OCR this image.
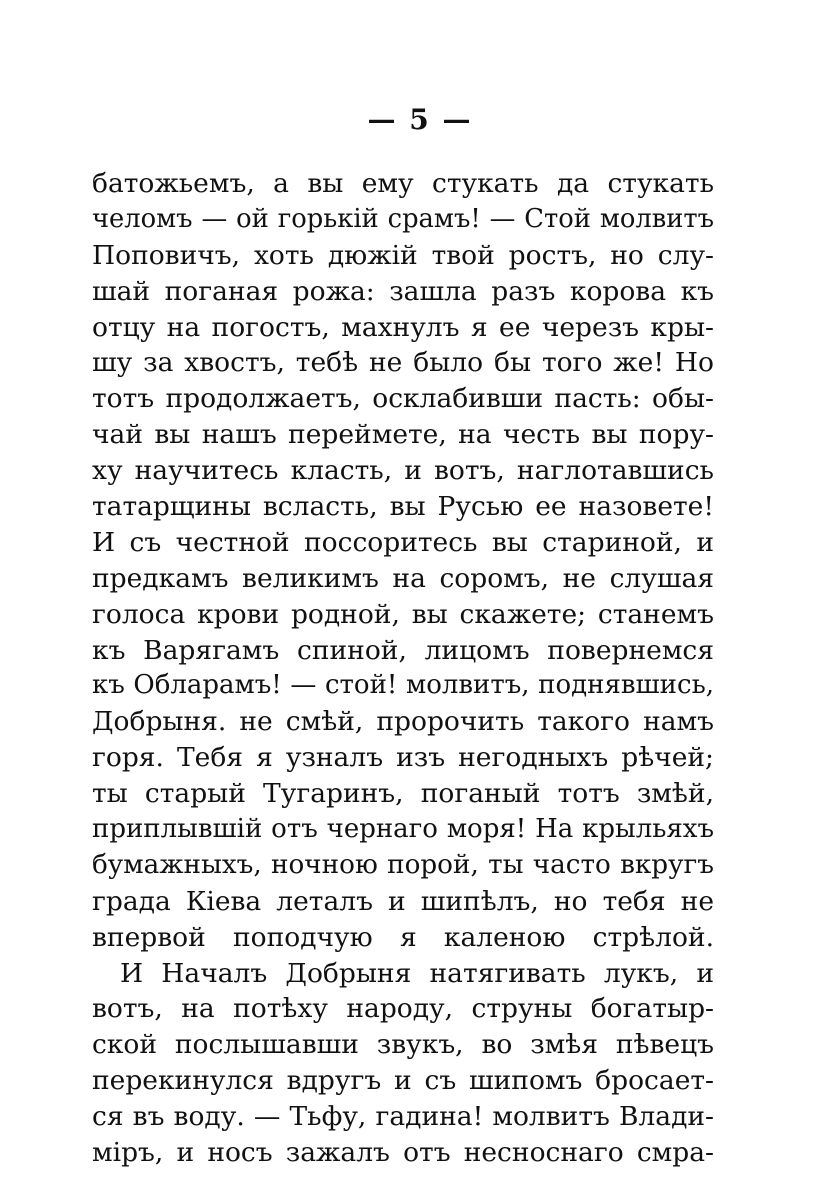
— 5 —
батожьемъ, а вы ему стукать да стукать
челомъ — ой горькій срамъ! — Стой молвитъ
Поповичъ, хоть дюжій твой ростъ, но слу-
шай поганая рожа: зашла разъ корова къ
отцу на погостъ, махнулъ я ее черезъ кры-
шу за хвостъ, тебѣ не было бы того же! Но
тотъ продолжаетъ, осклабивши пасть: обы-
чай вы нашъ переймете, на честь вы пору-
ху научитесь класть, и вотъ, наглотавшись
татарщины всласть, вы Русью ее назовете!
И съ честной поссоритесь вы стариной, и
предкамъ великимъ на соромъ, не слушая
голоса крови родной, вы скажете; станемъ
къ Варягамъ спиной, лицомъ повернемся
къ Обларамъ! — стой! молвитъ, поднявшись,
Добрыня. не смѣй, пророчить такого намъ
горя. Тебя я узналъ изъ негодныхъ рѣчей;
ты старый Тугаринъ, поганый тотъ змѣй,
приплывшій отъ чернаго моря! На крыльяхъ
бумажныхъ, ночною порой, ты часто вкругъ
града Кіева леталъ и шипѣлъ, но тебя не
впервой поподчую я каленою стрѣлой.
И Началъ Добрыня натягивать лукъ, и
вотъ, на потѣху народу, струны богатыр-
ской послышавши звукъ, во змѣя пѣвецъ
перекинулся вдругъ и съ шипомъ бросает-
ся въ воду. — Тьфу, гадина! молвитъ Влади-
міръ, и носъ зажалъ отъ несноснаго смра-
